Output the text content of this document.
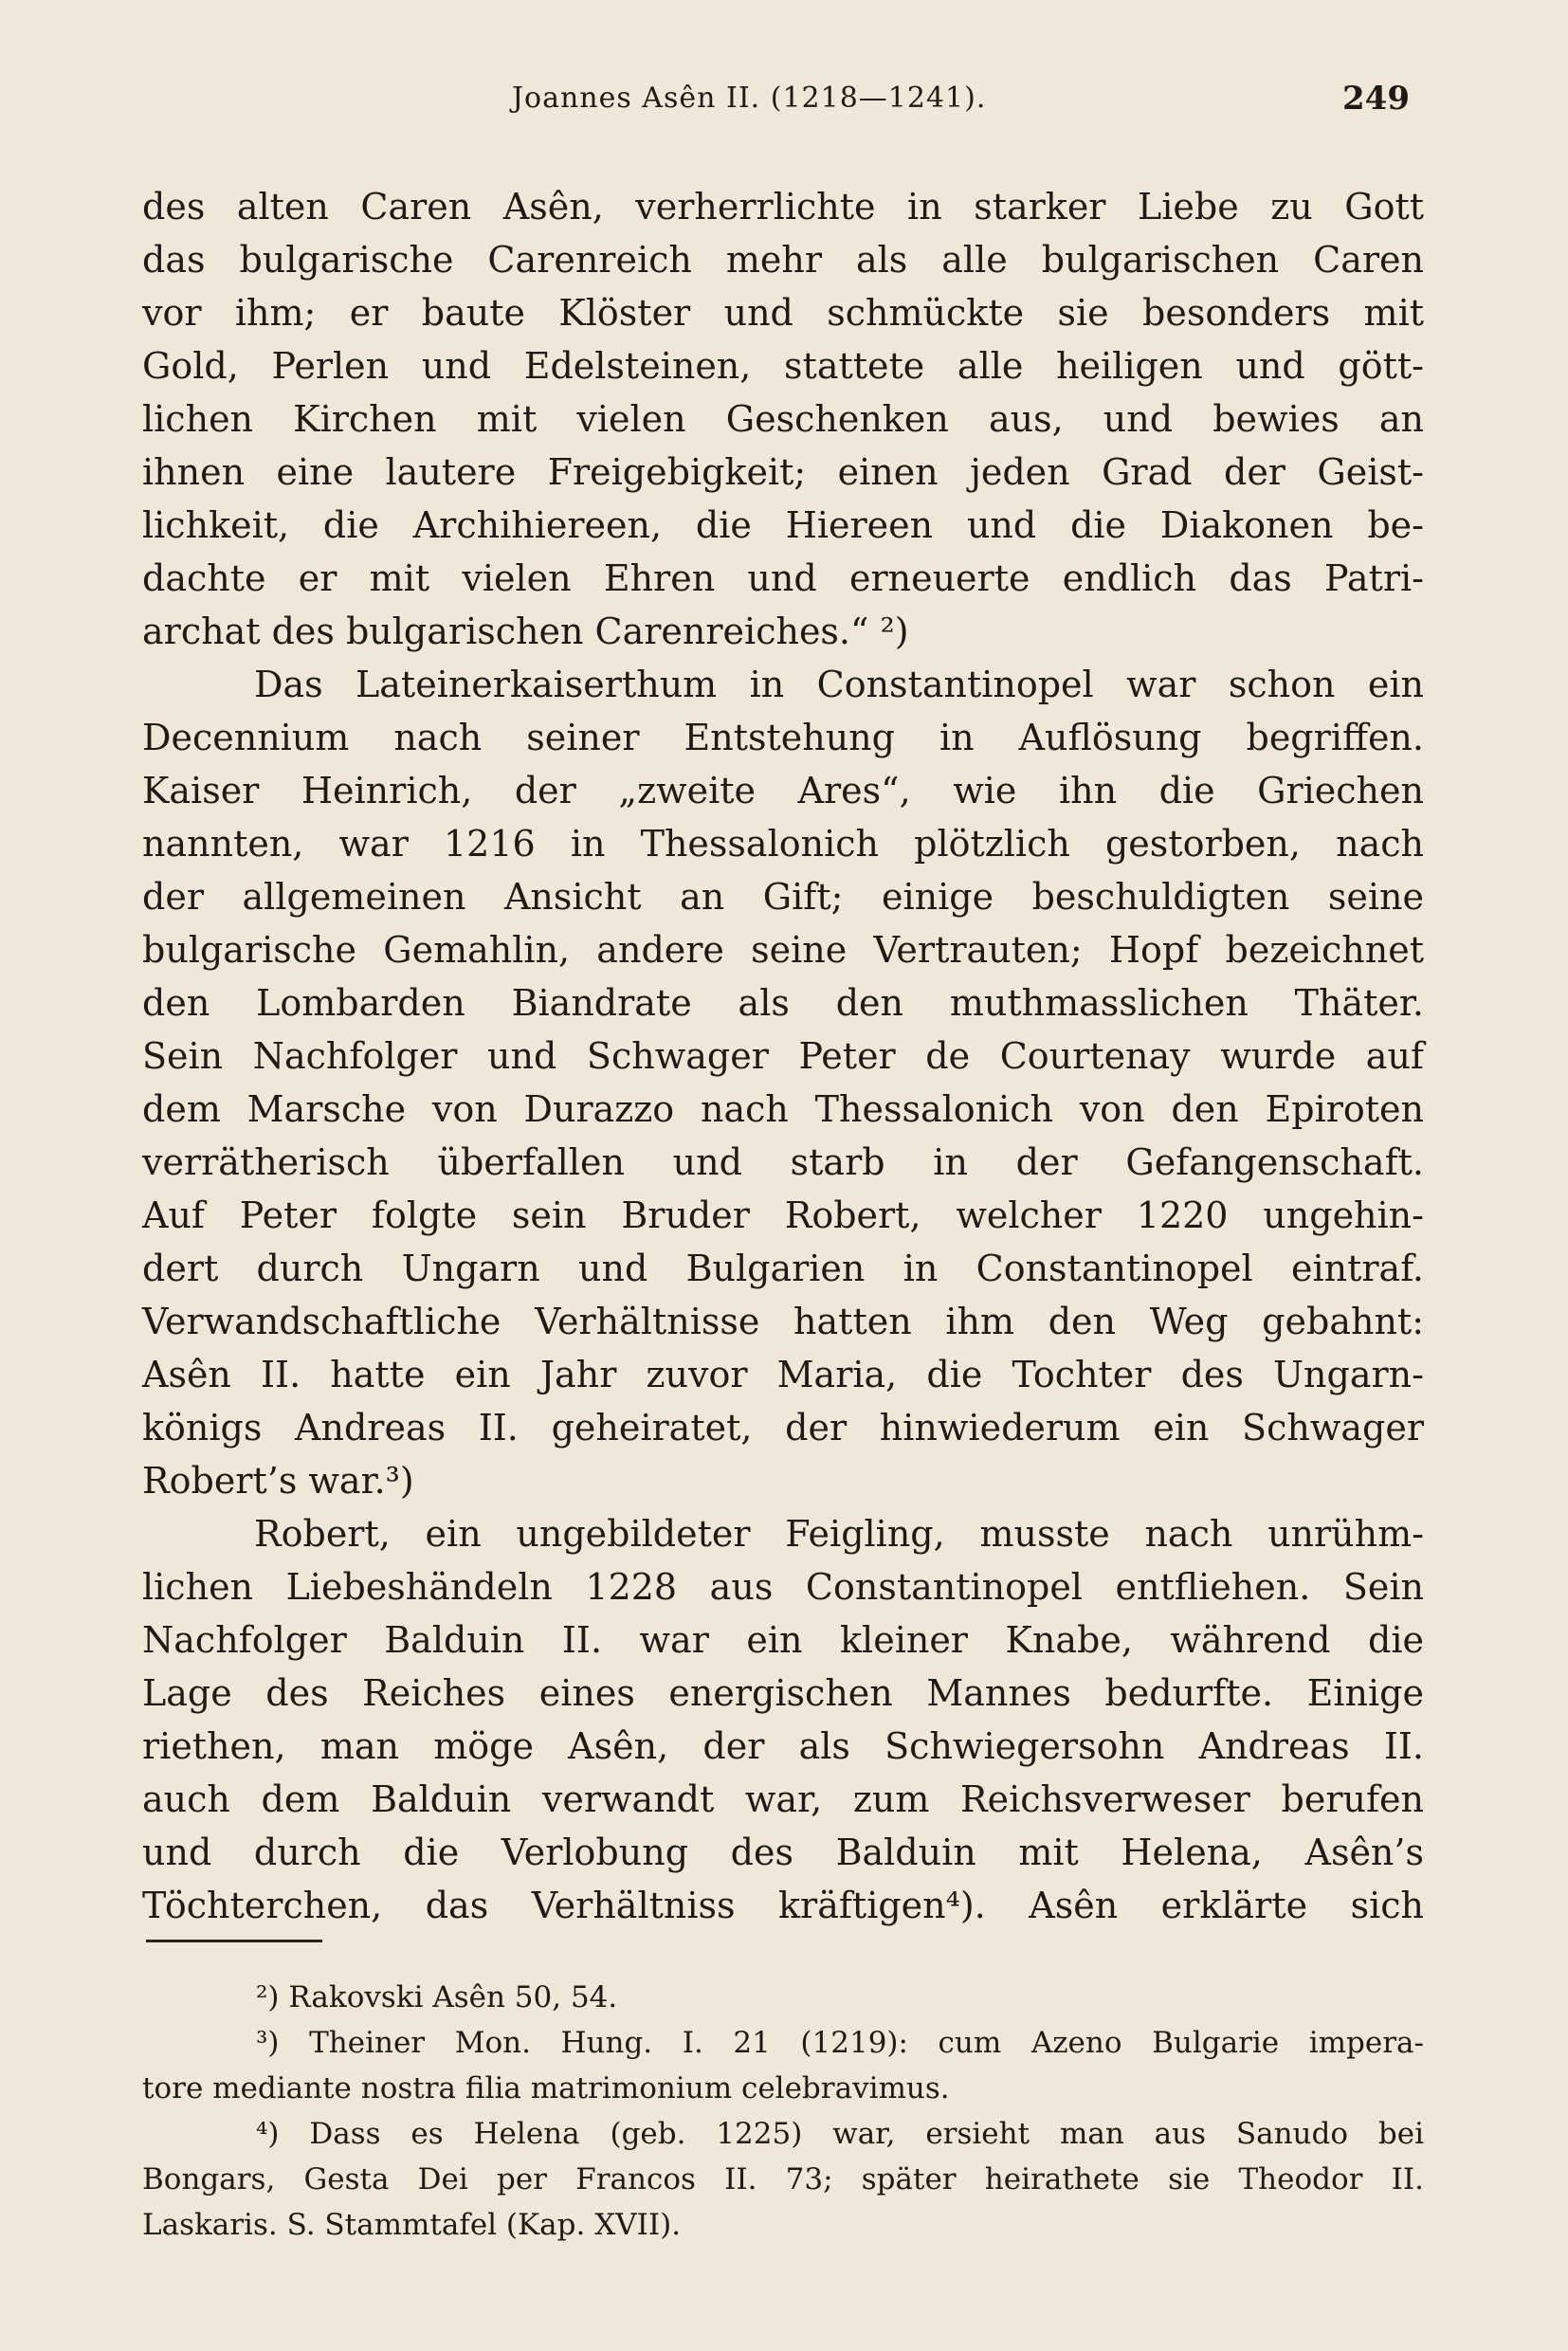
Joannes Asên II. (1218—1241).	249
des alten Caren Asên, verherrlichte in starker Liebe zu Gott
das bulgarische Carenreich mehr als alle bulgarischen Caren
vor ihm; er baute Klöster und schmückte sie besonders mit
Gold, Perlen und Edelsteinen, stattete alle heiligen und gött-
lichen Kirchen mit vielen Geschenken aus, und bewies an
ihnen eine lautere Freigebigkeit; einen jeden Grad der Geist-
lichkeit, die Archihiereen, die Hiereen und die Diakonen be-
dachte er mit vielen Ehren und erneuerte endlich das Patri-
archat des bulgarischen Carenreiches.“ ²)
Das Lateinerkaiserthum in Constantinopel war schon ein
Decennium nach seiner Entstehung in Auflösung begriffen.
Kaiser Heinrich, der „zweite Ares“, wie ihn die Griechen
nannten, war 1216 in Thessalonich plötzlich gestorben, nach
der allgemeinen Ansicht an Gift; einige beschuldigten seine
bulgarische Gemahlin, andere seine Vertrauten; Hopf bezeichnet
den Lombarden Biandrate als den muthmasslichen Thäter.
Sein Nachfolger und Schwager Peter de Courtenay wurde auf
dem Marsche von Durazzo nach Thessalonich von den Epiroten
verrätherisch überfallen und starb in der Gefangenschaft.
Auf Peter folgte sein Bruder Robert, welcher 1220 ungehin-
dert durch Ungarn und Bulgarien in Constantinopel eintraf.
Verwandschaftliche Verhältnisse hatten ihm den Weg gebahnt:
Asên II. hatte ein Jahr zuvor Maria, die Tochter des Ungarn-
königs Andreas II. geheiratet, der hinwiederum ein Schwager
Robert’s war.³)
Robert, ein ungebildeter Feigling, musste nach unrühm-
lichen Liebeshändeln 1228 aus Constantinopel entfliehen. Sein
Nachfolger Balduin II. war ein kleiner Knabe, während die
Lage des Reiches eines energischen Mannes bedurfte. Einige
riethen, man möge Asên, der als Schwiegersohn Andreas II.
auch dem Balduin verwandt war, zum Reichsverweser berufen
und durch die Verlobung des Balduin mit Helena, Asên’s
Töchterchen, das Verhältniss kräftigen⁴). Asên erklärte sich
²) Rakovski Asên 50, 54.
³) Theiner Mon. Hung. I. 21 (1219): cum Azeno Bulgarie impera-
tore mediante nostra filia matrimonium celebravimus.
⁴) Dass es Helena (geb. 1225) war, ersieht man aus Sanudo bei
Bongars, Gesta Dei per Francos II. 73; später heirathete sie Theodor II.
Laskaris. S. Stammtafel (Kap. XVII).
